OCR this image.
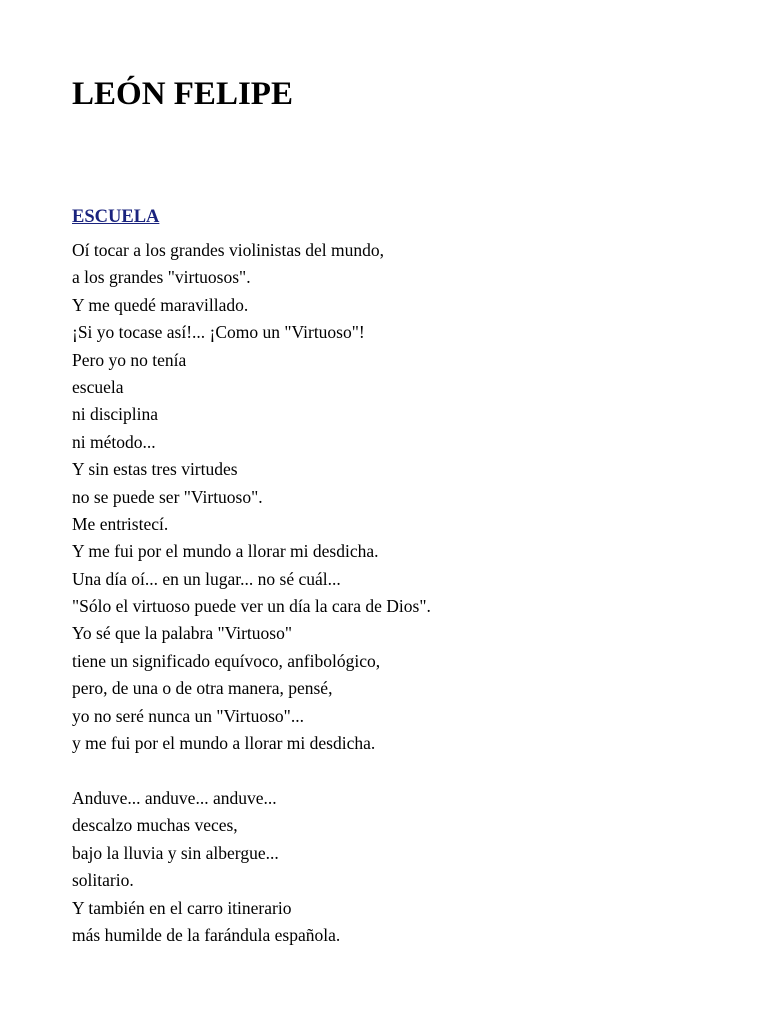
LEÓN FELIPE
ESCUELA
Oí tocar a los grandes violinistas del mundo,
a los grandes "virtuosos".
Y me quedé maravillado.
¡Si yo tocase así!... ¡Como un "Virtuoso"!
Pero yo no tenía
escuela
ni disciplina
ni método...
Y sin estas tres virtudes
no se puede ser "Virtuoso".
Me entristecí.
Y me fui por el mundo a llorar mi desdicha.
Una día oí... en un lugar... no sé cuál...
"Sólo el virtuoso puede ver un día la cara de Dios".
Yo sé que la palabra "Virtuoso"
tiene un significado equívoco, anfibológico,
pero, de una o de otra manera, pensé,
yo no seré nunca un "Virtuoso"...
y me fui por el mundo a llorar mi desdicha.
Anduve... anduve... anduve...
descalzo muchas veces,
bajo la lluvia y sin albergue...
solitario.
Y también en el carro itinerario
más humilde de la farándula española.
